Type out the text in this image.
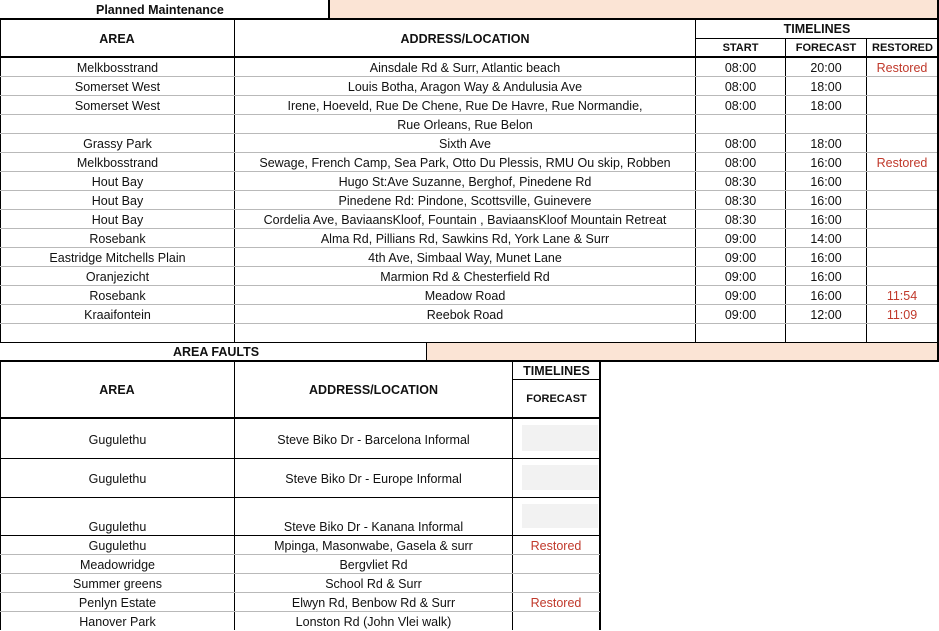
Planned Maintenance
AREA	ADDRESS/LOCATION
TIMELINES
START	FORECAST	RESTORED
Melkbosstrand	Ainsdale Rd & Surr, Atlantic beach	08:00	20:00	Restored
Somerset West	Louis Botha, Aragon Way & Andulusia Ave	08:00	18:00
Somerset West	Irene, Hoeveld, Rue De Chene, Rue De Havre, Rue Normandie,	08:00	18:00
Rue Orleans, Rue Belon
Grassy Park	Sixth Ave	08:00	18:00
Melkbosstrand	Sewage, French Camp, Sea Park, Otto Du Plessis, RMU Ou skip, Robben	08:00	16:00	Restored
Hout Bay	Hugo St:Ave Suzanne, Berghof, Pinedene Rd	08:30	16:00
Hout Bay	Pinedene Rd: Pindone, Scottsville, Guinevere	08:30	16:00
Hout Bay	Cordelia Ave, BaviaansKloof, Fountain , BaviaansKloof Mountain Retreat	08:30	16:00
Rosebank	Alma Rd, Pillians Rd, Sawkins Rd, York Lane & Surr	09:00	14:00
Eastridge Mitchells Plain	4th Ave, Simbaal Way, Munet Lane	09:00	16:00
Oranjezicht	Marmion Rd & Chesterfield Rd	09:00	16:00
Rosebank	Meadow Road	09:00	16:00	11:54
Kraaifontein	Reebok Road	09:00	12:00	11:09
AREA FAULTS
AREA	ADDRESS/LOCATION
TIMELINES
FORECAST
Gugulethu	Steve Biko Dr - Barcelona Informal
Gugulethu	Steve Biko Dr - Europe Informal
Gugulethu	Steve Biko Dr - Kanana Informal
Gugulethu	Mpinga, Masonwabe, Gasela & surr	Restored
Meadowridge	Bergvliet Rd
Summer greens	School Rd & Surr
Penlyn Estate	Elwyn Rd, Benbow Rd & Surr	Restored
Hanover Park	Lonston Rd (John Vlei walk)
